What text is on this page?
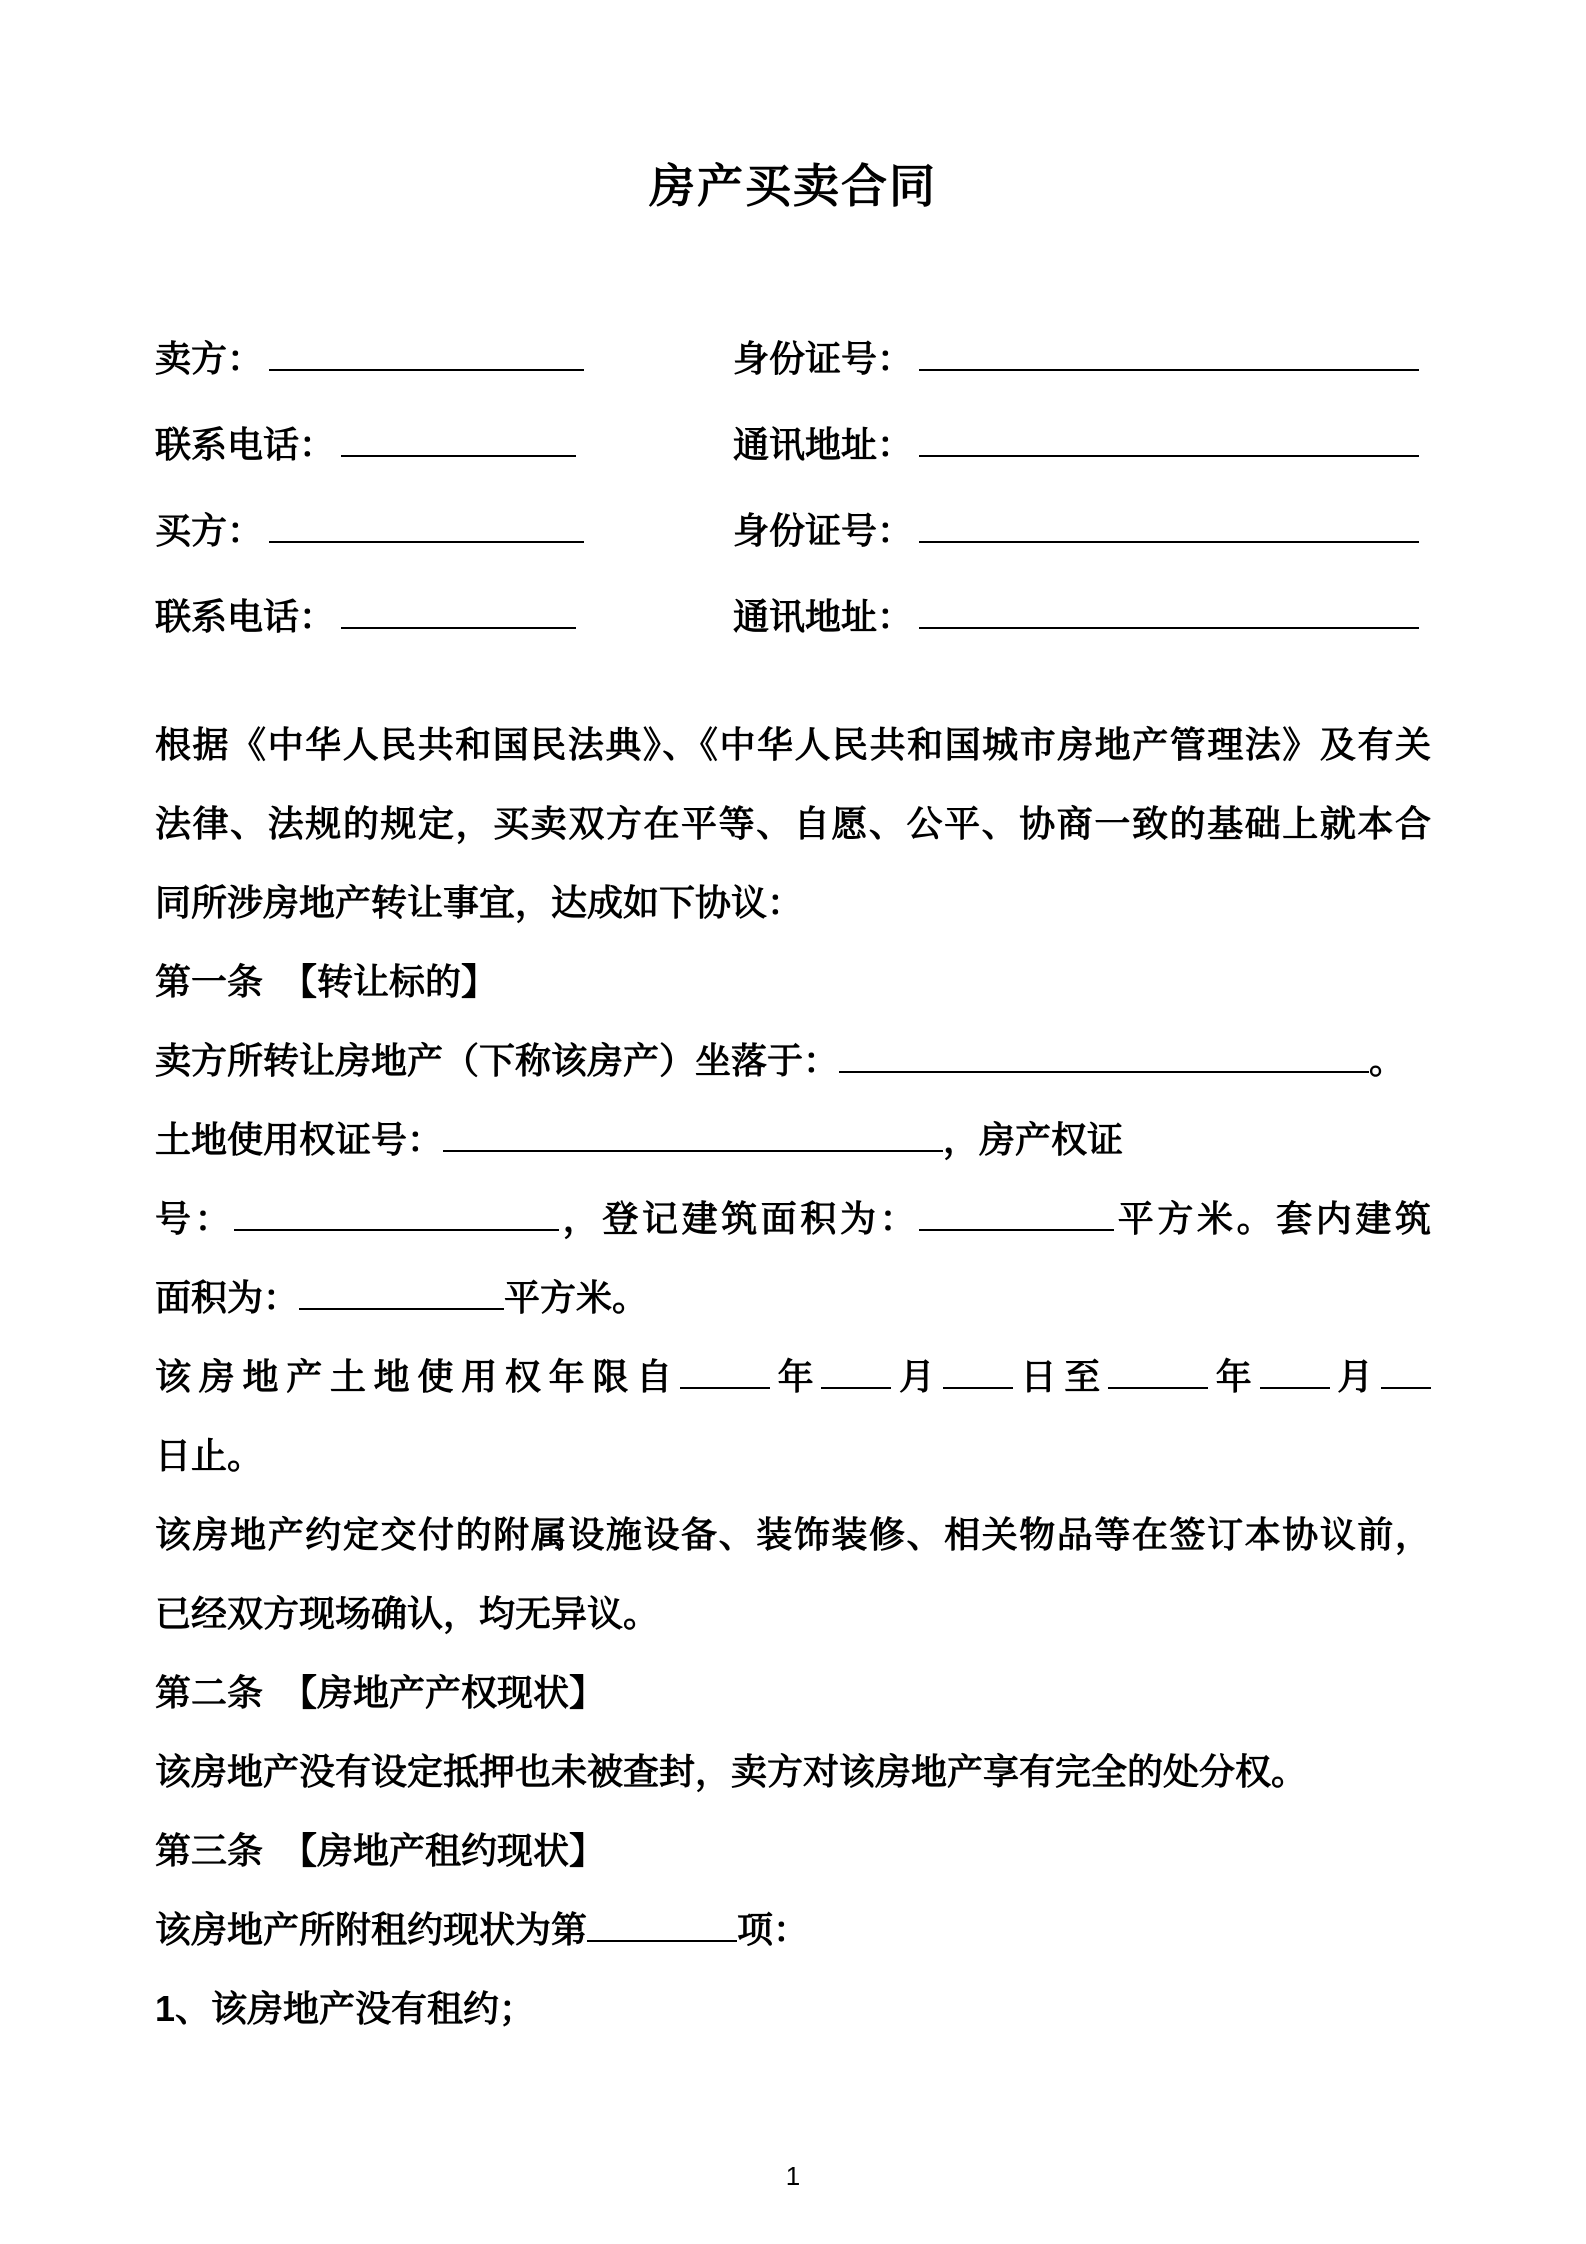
房产买卖合同
卖方：	身份证号：
联系电话：	通讯地址：
买方：	身份证号：
联系电话：	通讯地址：
根据《中华人民共和国民法典》、《中华人民共和国城市房地产管理法》及有关
法律、法规的规定，买卖双方在平等、自愿、公平、协商一致的基础上就本合
同所涉房地产转让事宜，达成如下协议：
第一条　【转让标的】
卖方所转让房地产（下称该房产）坐落于：	。
土地使用权证号：	，房产权证
号：	，登记建筑面积为：	平方米。套内建筑
面积为：	平方米。
该房地产土地使用权年限自	年 月 日至	年 月
日止。
该房地产约定交付的附属设施设备、装饰装修、相关物品等在签订本协议前，
已经双方现场确认，均无异议。
第二条　【房地产产权现状】
该房地产没有设定抵押也未被查封，卖方对该房地产享有完全的处分权。
第三条　【房地产租约现状】
该房地产所附租约现状为第	项：
1、该房地产没有租约；
1
